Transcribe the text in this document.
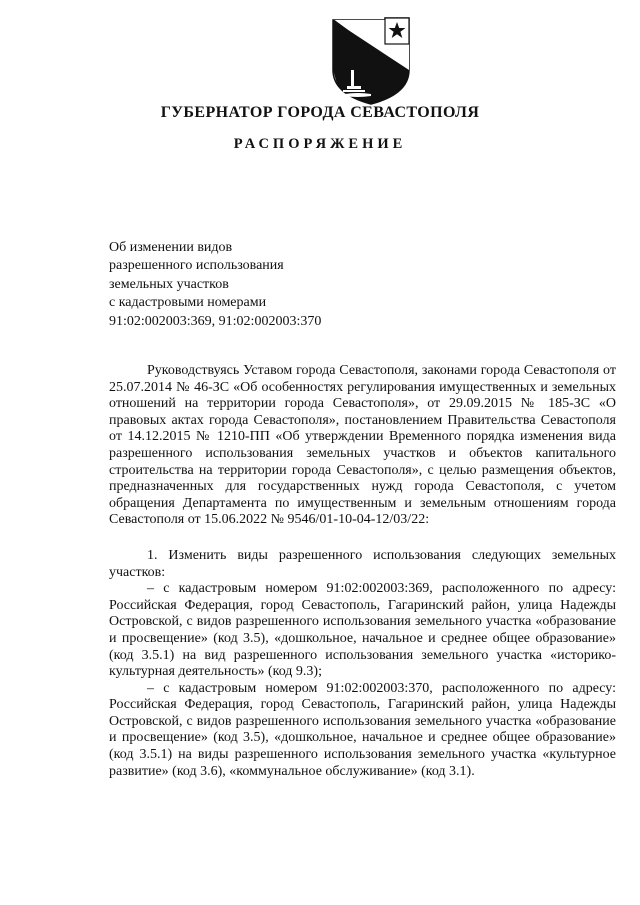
ГУБЕРНАТОР ГОРОДА СЕВАСТОПОЛЯ
РАСПОРЯЖЕНИЕ
Об изменении видов
разрешенного использования
земельных участков
с кадастровыми номерами
91:02:002003:369, 91:02:002003:370

Руководствуясь Уставом города Севастополя, законами города Севастополя от 25.07.2014 № 46-ЗС «Об особенностях регулирования имущественных и земельных отношений на территории города Севастополя», от 29.09.2015 № 185-ЗС «О правовых актах города Севастополя», постановлением Правительства Севастополя от 14.12.2015 № 1210-ПП «Об утверждении Временного порядка изменения вида разрешенного использования земельных участков и объектов капитального строительства на территории города Севастополя», с целью размещения объектов, предназначенных для государственных нужд города Севастополя, с учетом обращения Департамента по имущественным и земельным отношениям города Севастополя от 15.06.2022 № 9546/01-10-04-12/03/22:

1. Изменить виды разрешенного использования следующих земельных участков:

– с кадастровым номером 91:02:002003:369, расположенного по адресу: Российская Федерация, город Севастополь, Гагаринский район, улица Надежды Островской, с видов разрешенного использования земельного участка «образование и просвещение» (код 3.5), «дошкольное, начальное и среднее общее образование» (код 3.5.1) на вид разрешенного использования земельного участка «историко-культурная деятельность» (код 9.3);

– с кадастровым номером 91:02:002003:370, расположенного по адресу: Российская Федерация, город Севастополь, Гагаринский район, улица Надежды Островской, с видов разрешенного использования земельного участка «образование и просвещение» (код 3.5), «дошкольное, начальное и среднее общее образование» (код 3.5.1) на виды разрешенного использования земельного участка «культурное развитие» (код 3.6), «коммунальное обслуживание» (код 3.1).
